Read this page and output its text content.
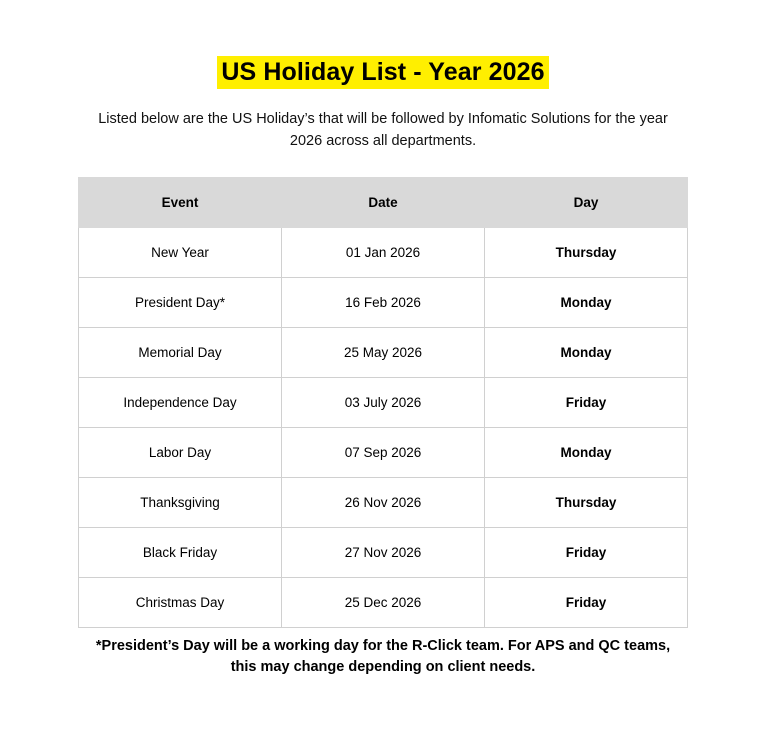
US Holiday List - Year 2026

Listed below are the US Holiday’s that will be followed by Infomatic Solutions for the year 2026 across all departments.

Event	Date	Day
New Year	01 Jan 2026	Thursday
President Day*	16 Feb 2026	Monday
Memorial Day	25 May 2026	Monday
Independence Day	03 July 2026	Friday
Labor Day	07 Sep 2026	Monday
Thanksgiving	26 Nov 2026	Thursday
Black Friday	27 Nov 2026	Friday
Christmas Day	25 Dec 2026	Friday

*President’s Day will be a working day for the R-Click team. For APS and QC teams, this may change depending on client needs.
